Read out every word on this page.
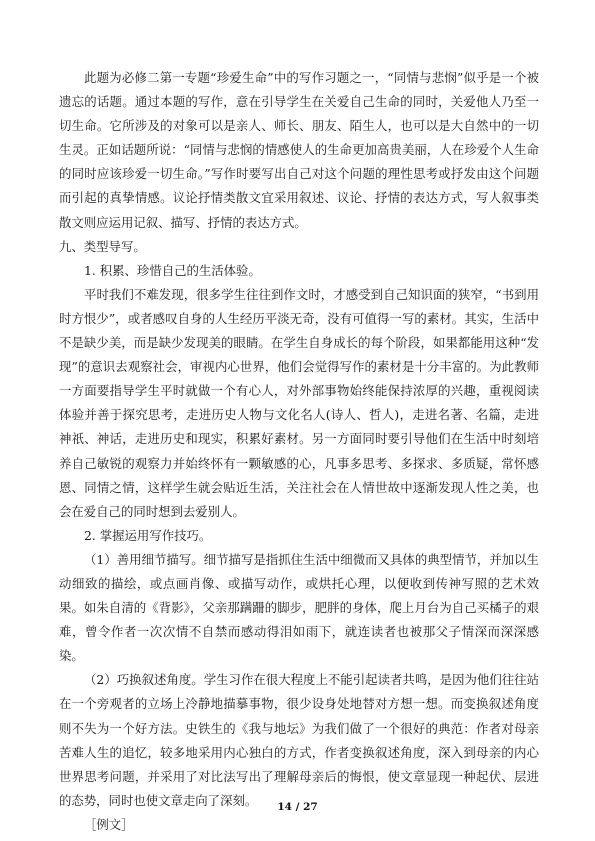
此题为必修二第一专题“珍爱生命”中的写作习题之一，“同情与悲悯”似乎是一个被遗忘的话题。通过本题的写作，意在引导学生在关爱自己生命的同时，关爱他人乃至一切生命。它所涉及的对象可以是亲人、师长、朋友、陌生人，也可以是大自然中的一切生灵。正如话题所说：“同情与悲悯的情感使人的生命更加高贵美丽，人在珍爱个人生命的同时应该珍爱一切生命。”写作时要写出自己对这个问题的理性思考或抒发由这个问题而引起的真挚情感。议论抒情类散文宜采用叙述、议论、抒情的表达方式，写人叙事类散文则应运用记叙、描写、抒情的表达方式。

九、类型导写。

1. 积累、珍惜自己的生活体验。

平时我们不难发现，很多学生往往到作文时，才感受到自己知识面的狭窄，“书到用时方恨少”，或者感叹自身的人生经历平淡无奇，没有可值得一写的素材。其实，生活中不是缺少美，而是缺少发现美的眼睛。在学生自身成长的每个阶段，如果都能用这种“发现”的意识去观察社会，审视内心世界，他们会觉得写作的素材是十分丰富的。为此教师一方面要指导学生平时就做一个有心人，对外部事物始终能保持浓厚的兴趣，重视阅读体验并善于探究思考，走进历史人物与文化名人(诗人、哲人)，走进名著、名篇，走进神祇、神话，走进历史和现实，积累好素材。另一方面同时要引导他们在生活中时刻培养自己敏锐的观察力并始终怀有一颗敏感的心，凡事多思考、多探求、多质疑，常怀感恩、同情之情，这样学生就会贴近生活，关注社会在人情世故中逐渐发现人性之美，也会在爱自己的同时想到去爱别人。

2. 掌握运用写作技巧。

（1）善用细节描写。细节描写是指抓住生活中细微而又具体的典型情节，并加以生动细致的描绘，或点画肖像、或描写动作，或烘托心理，以便收到传神写照的艺术效果。如朱自清的《背影》，父亲那蹒跚的脚步，肥胖的身体，爬上月台为自己买橘子的艰难，曾令作者一次次情不自禁而感动得泪如雨下，就连读者也被那父子情深而深深感染。

（2）巧换叙述角度。学生习作在很大程度上不能引起读者共鸣，是因为他们往往站在一个旁观者的立场上冷静地描摹事物，很少设身处地替对方想一想。而变换叙述角度则不失为一个好方法。史铁生的《我与地坛》为我们做了一个很好的典范：作者对母亲苦难人生的追忆，较多地采用内心独白的方式，作者变换叙述角度，深入到母亲的内心世界思考问题，并采用了对比法写出了理解母亲后的悔恨，使文章显现一种起伏、层进的态势，同时也使文章走向了深刻。

［例文］

14 / 27
